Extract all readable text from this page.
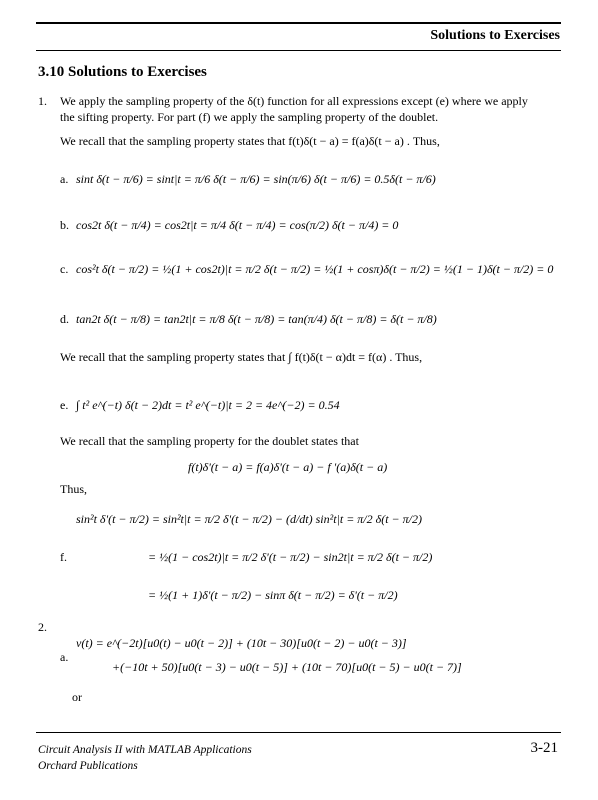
Solutions to Exercises
3.10 Solutions to Exercises
1. We apply the sampling property of the δ(t) function for all expressions except (e) where we apply
the sifting property. For part (f) we apply the sampling property of the doublet.
We recall that the sampling property states that f(t)δ(t − a) = f(a)δ(t − a) . Thus,
a. sint δ(t − π/6) = sint|t = π/6 δ(t − π/6) = sin(π/6) δ(t − π/6) = 0.5δ(t − π/6)
b. cos2t δ(t − π/4) = cos2t|t = π/4 δ(t − π/4) = cos(π/2) δ(t − π/4) = 0
c. cos²t δ(t − π/2) = ½(1 + cos2t)|t = π/2 δ(t − π/2) = ½(1 + cosπ)δ(t − π/2) = ½(1 − 1)δ(t − π/2) = 0
d. tan2t δ(t − π/8) = tan2t|t = π/8 δ(t − π/8) = tan(π/4) δ(t − π/8) = δ(t − π/8)
We recall that the sampling property states that ∫ f(t)δ(t − α)dt = f(α) . Thus,
e. ∫ t² e^(−t) δ(t − 2)dt = t² e^(−t)|t = 2 = 4e^(−2) = 0.54
We recall that the sampling property for the doublet states that
f(t)δ'(t − a) = f(a)δ'(t − a) − f '(a)δ(t − a)
Thus,
sin²t δ'(t − π/2) = sin²t|t = π/2 δ'(t − π/2) − (d/dt) sin²t|t = π/2 δ(t − π/2)
f.	= ½(1 − cos2t)|t = π/2 δ'(t − π/2) − sin2t|t = π/2 δ(t − π/2)
= ½(1 + 1)δ'(t − π/2) − sinπ δ(t − π/2) = δ'(t − π/2)
2.
a.
v(t) = e^(−2t)[u0(t) − u0(t − 2)] + (10t − 30)[u0(t − 2) − u0(t − 3)]
+(−10t + 50)[u0(t − 3) − u0(t − 5)] + (10t − 70)[u0(t − 5) − u0(t − 7)]
or
Circuit Analysis II with MATLAB Applications
Orchard Publications
3-21
